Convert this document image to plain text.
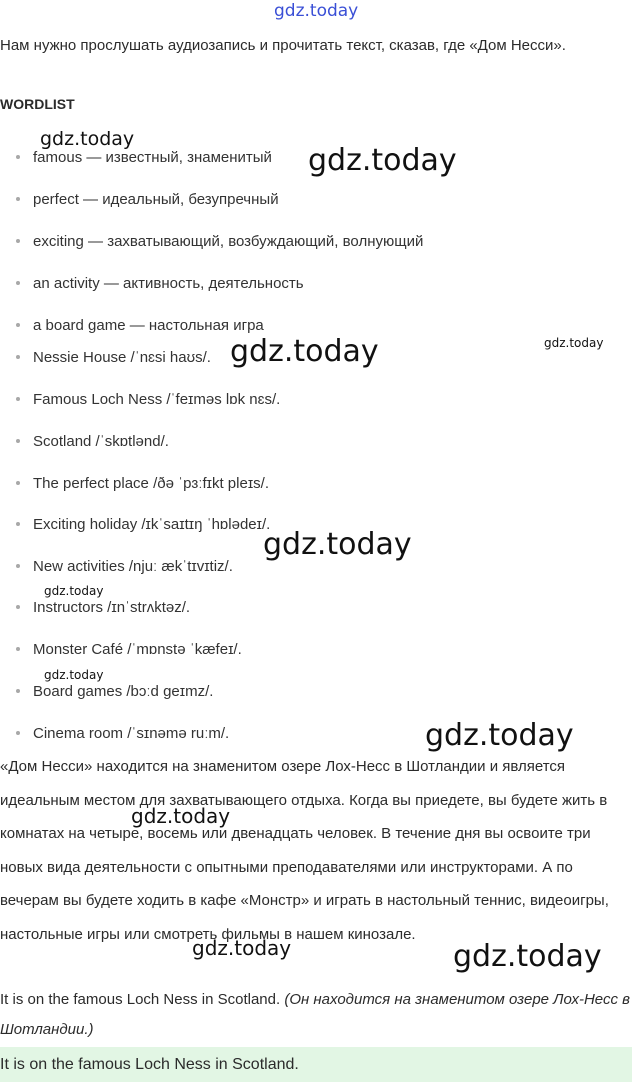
gdz.today
gdz.today
gdz.today
gdz.today
gdz.today
gdz.today
gdz.today
gdz.today
gdz.today
gdz.today
gdz.today	gdz.today

Нам нужно прослушать аудиозапись и прочитать текст, сказав, где «Дом Несси».

WORDLIST
famous — известный, знаменитый
perfect — идеальный, безупречный
exciting — захватывающий, возбуждающий, волнующий
an activity — активность, деятельность
a board game — настольная игра
Nessie House /ˈnɛsi haʊs/.
Famous Loch Ness /ˈfeɪməs lɒk nɛs/.
Scotland /ˈskɒtlənd/.
The perfect place /ðə ˈpɜːfɪkt pleɪs/.
Exciting holiday /ɪkˈsaɪtɪŋ ˈhɒlədeɪ/.
New activities /njuː ækˈtɪvɪtiz/.
Instructors /ɪnˈstrʌktəz/.
Monster Café /ˈmɒnstə ˈkæfeɪ/.
Board games /bɔːd geɪmz/.
Cinema room /ˈsɪnəmə ruːm/.

«Дом Несси» находится на знаменитом озере Лох-Несс в Шотландии и является идеальным местом для захватывающего отдыха. Когда вы приедете, вы будете жить в комнатах на четыре, восемь или двенадцать человек. В течение дня вы освоите три новых вида деятельности с опытными преподавателями или инструкторами. А по вечерам вы будете ходить в кафе «Монстр» и играть в настольный теннис, видеоигры, настольные игры или смотреть фильмы в нашем кинозале.

It is on the famous Loch Ness in Scotland. (Он находится на знаменитом озере Лох-Несс в Шотландии.)

It is on the famous Loch Ness in Scotland.
